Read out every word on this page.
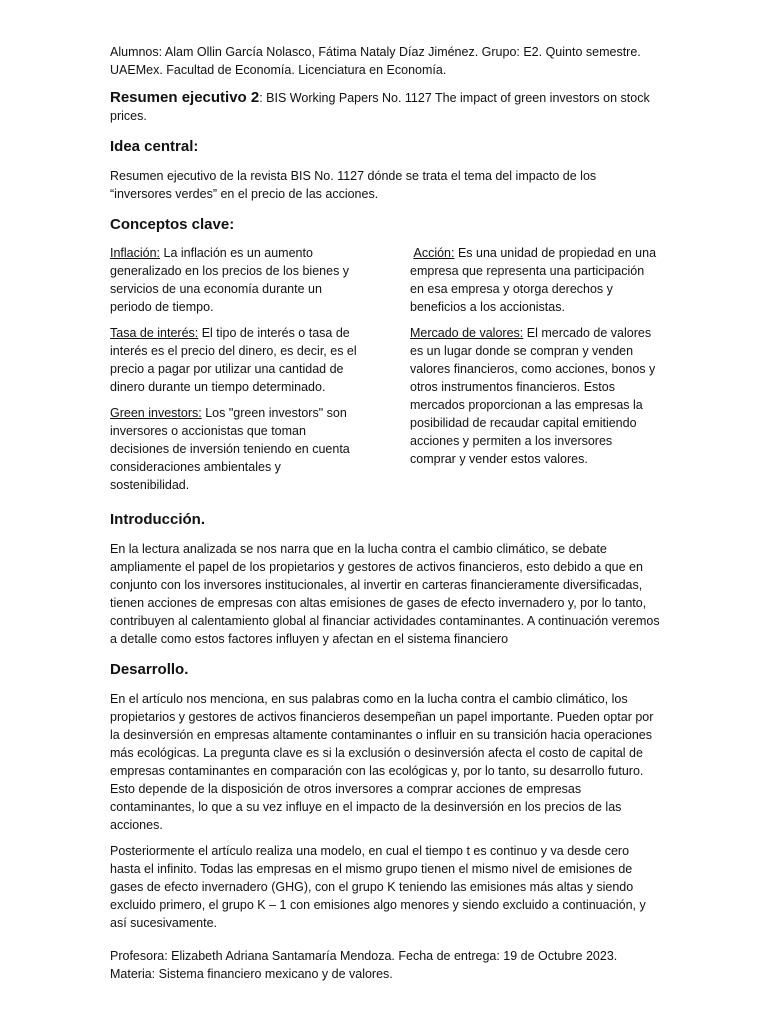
Alumnos: Alam Ollin García Nolasco, Fátima Nataly Díaz Jiménez. Grupo: E2. Quinto semestre.

UAEMex. Facultad de Economía. Licenciatura en Economía.

Resumen ejecutivo 2: BIS Working Papers No. 1127 The impact of green investors on stock prices.

Idea central:

Resumen ejecutivo de la revista BIS No. 1127 dónde se trata el tema del impacto de los “inversores verdes” en el precio de las acciones.

Conceptos clave:

Inflación: La inflación es un aumento generalizado en los precios de los bienes y servicios de una economía durante un periodo de tiempo.

Tasa de interés: El tipo de interés o tasa de interés es el precio del dinero, es decir, es el precio a pagar por utilizar una cantidad de dinero durante un tiempo determinado.

Green investors: Los "green investors" son inversores o accionistas que toman decisiones de inversión teniendo en cuenta consideraciones ambientales y sostenibilidad.

Acción: Es una unidad de propiedad en una empresa que representa una participación en esa empresa y otorga derechos y beneficios a los accionistas.

Mercado de valores: El mercado de valores es un lugar donde se compran y venden valores financieros, como acciones, bonos y otros instrumentos financieros. Estos mercados proporcionan a las empresas la posibilidad de recaudar capital emitiendo acciones y permiten a los inversores comprar y vender estos valores.

Introducción.

En la lectura analizada se nos narra que en la lucha contra el cambio climático, se debate ampliamente el papel de los propietarios y gestores de activos financieros, esto debido a que en conjunto con los inversores institucionales, al invertir en carteras financieramente diversificadas, tienen acciones de empresas con altas emisiones de gases de efecto invernadero y, por lo tanto, contribuyen al calentamiento global al financiar actividades contaminantes. A continuación veremos a detalle como estos factores influyen y afectan en el sistema financiero

Desarrollo.

En el artículo nos menciona, en sus palabras como en la lucha contra el cambio climático, los propietarios y gestores de activos financieros desempeñan un papel importante. Pueden optar por la desinversión en empresas altamente contaminantes o influir en su transición hacia operaciones más ecológicas. La pregunta clave es si la exclusión o desinversión afecta el costo de capital de empresas contaminantes en comparación con las ecológicas y, por lo tanto, su desarrollo futuro. Esto depende de la disposición de otros inversores a comprar acciones de empresas contaminantes, lo que a su vez influye en el impacto de la desinversión en los precios de las acciones.

Posteriormente el artículo realiza una modelo, en cual el tiempo t es continuo y va desde cero hasta el infinito. Todas las empresas en el mismo grupo tienen el mismo nivel de emisiones de gases de efecto invernadero (GHG), con el grupo K teniendo las emisiones más altas y siendo excluido primero, el grupo K – 1 con emisiones algo menores y siendo excluido a continuación, y así sucesivamente.

Profesora: Elizabeth Adriana Santamaría Mendoza. Fecha de entrega: 19 de Octubre 2023.

Materia: Sistema financiero mexicano y de valores.
